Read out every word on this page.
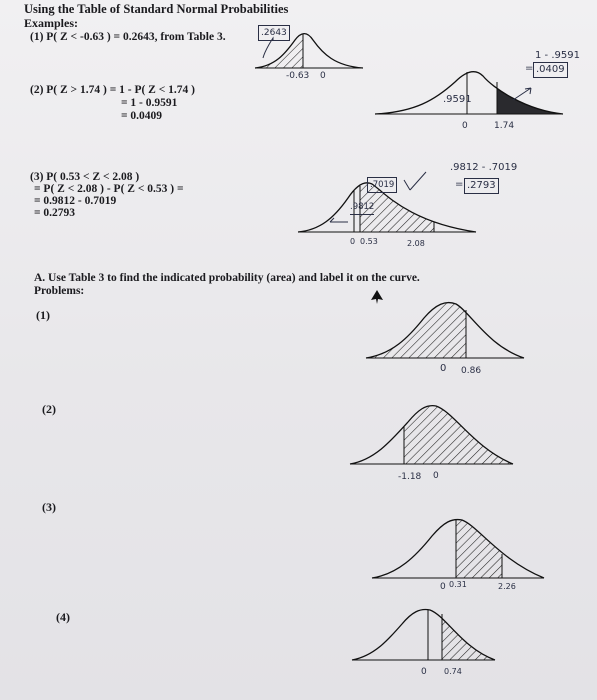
Using the Table of Standard Normal Probabilities
Examples:
(1) P( Z < -0.63 ) = 0.2643, from Table 3.	.2643
-0.63 0
(2) P( Z > 1.74 ) = 1 - P( Z < 1.74 )
= 1 - 0.9591
= 0.0409
1 - .9591
= .0409
.9591
0	1.74
(3) P( 0.53 < Z < 2.08 )
= P( Z < 2.08 ) - P( Z < 0.53 ) =
= 0.9812 - 0.7019
= 0.2793
.9812 - .7019
= .2793
.7019
.9812
0 0.53	2.08
A. Use Table 3 to find the indicated probability (area) and label it on the curve.
Problems:
(1)
0 0.86
(2)
-1.18 0
(3)
0 0.31	2.26
(4)
0 0.74
